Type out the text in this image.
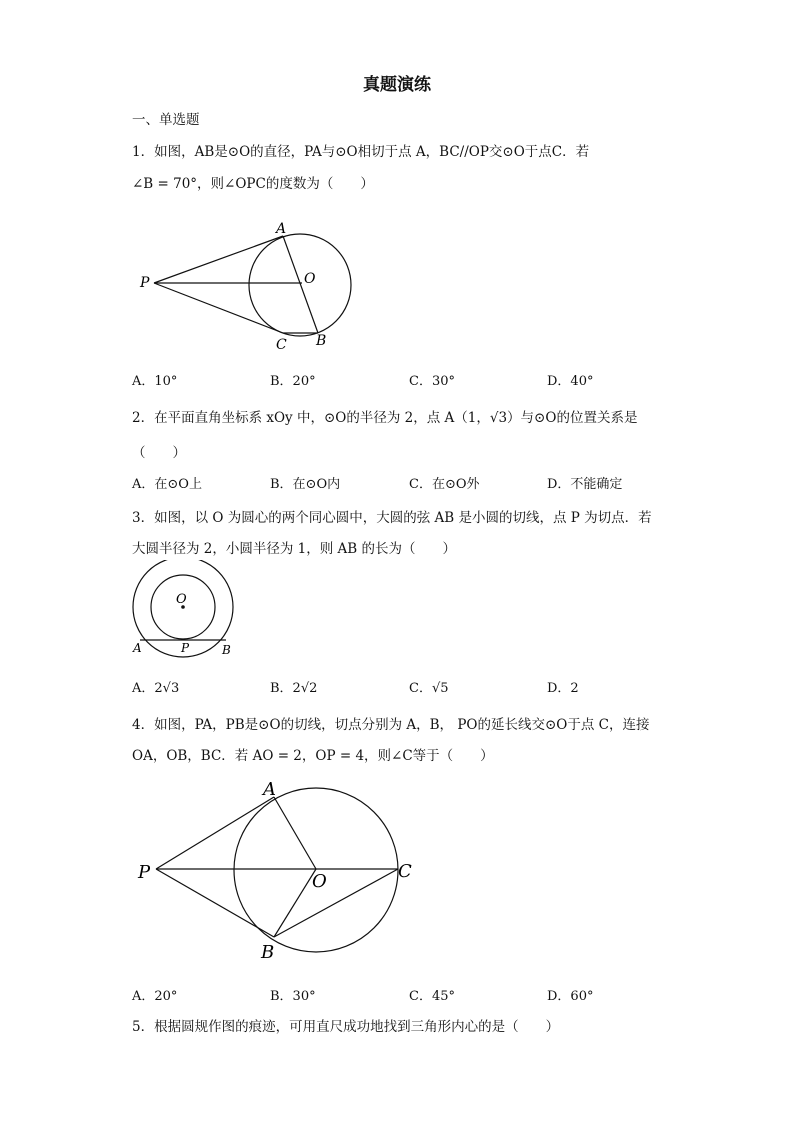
真题演练
一、单选题
1．如图，AB是⊙O的直径，PA与⊙O相切于点 A，BC//OP交⊙O于点C．若
∠B = 70°，则∠OPC的度数为（　　）
A
O
P
C B
A．10°	B．20°	C．30°	D．40°
2．在平面直角坐标系 xOy 中，⊙O的半径为 2，点 A（1，√3）与⊙O的位置关系是
（　　）
A．在⊙O上	B．在⊙O内	C．在⊙O外	D．不能确定
3．如图，以 O 为圆心的两个同心圆中，大圆的弦 AB 是小圆的切线，点 P 为切点．若
大圆半径为 2，小圆半径为 1，则 AB 的长为（　　）
O
A	P	B
A．2√3	B．2√2	C．√5	D．2
4．如图，PA，PB是⊙O的切线，切点分别为 A，B， PO的延长线交⊙O于点 C，连接
OA，OB，BC．若 AO = 2，OP = 4，则∠C等于（　　）
A
P	O	C
B
A．20°	B．30°	C．45°	D．60°
5．根据圆规作图的痕迹，可用直尺成功地找到三角形内心的是（　　）
